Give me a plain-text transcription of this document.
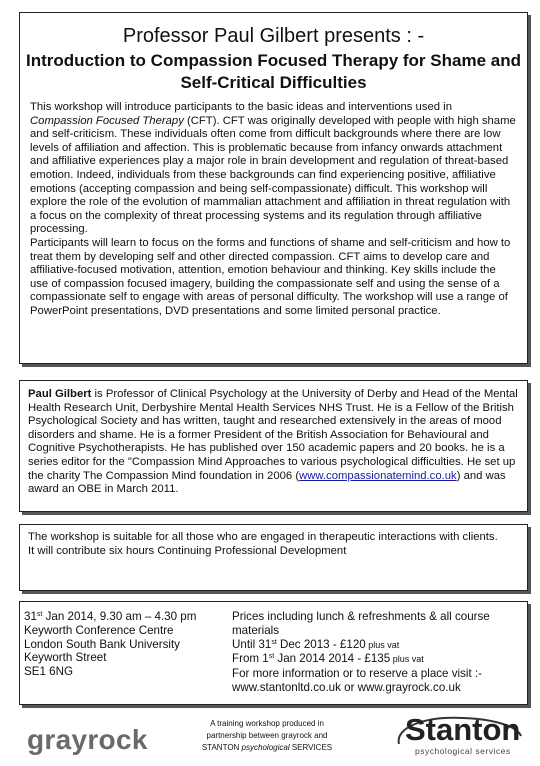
Professor Paul Gilbert presents : -
Introduction to Compassion Focused Therapy for Shame and Self-Critical Difficulties

This workshop will introduce participants to the basic ideas and interventions used in Compassion Focused Therapy (CFT). CFT was originally developed with people with high shame and self-criticism. These individuals often come from difficult backgrounds where there are low levels of affiliation and affection. This is problematic because from infancy onwards attachment and affiliative experiences play a major role in brain development and regulation of threat-based emotion. Indeed, individuals from these backgrounds can find experiencing positive, affiliative emotions (accepting compassion and being self-compassionate) difficult. This workshop will explore the role of the evolution of mammalian attachment and affiliation in threat regulation with a focus on the complexity of threat processing systems and its regulation through affiliative processing.

Participants will learn to focus on the forms and functions of shame and self-criticism and how to treat them by developing self and other directed compassion. CFT aims to develop care and affiliative-focused motivation, attention, emotion behaviour and thinking. Key skills include the use of compassion focused imagery, building the compassionate self and using the sense of a compassionate self to engage with areas of personal difficulty. The workshop will use a range of PowerPoint presentations, DVD presentations and some limited personal practice.

Paul Gilbert is Professor of Clinical Psychology at the University of Derby and Head of the Mental Health Research Unit, Derbyshire Mental Health Services NHS Trust. He is a Fellow of the British Psychological Society and has written, taught and researched extensively in the areas of mood disorders and shame. He is a former President of the British Association for Behavioural and Cognitive Psychotherapists. He has published over 150 academic papers and 20 books. he is a series editor for the "Compassion Mind Approaches to various psychological difficulties. He set up the charity The Compassion Mind foundation in 2006 (www.compassionatemind.co.uk) and was award an OBE in March 2011.

The workshop is suitable for all those who are engaged in therapeutic interactions with clients.

It will contribute six hours Continuing Professional Development

31st Jan 2014, 9.30 am – 4.30 pm
Keyworth Conference Centre
London South Bank University
Keyworth Street
SE1 6NG
Prices including lunch & refreshments & all course materials
Until 31st Dec 2013 - £120 plus vat
From 1st Jan 2014 2014 - £135 plus vat
For more information or to reserve a place visit :-
www.stantonltd.co.uk or www.grayrock.co.uk
grayrock
A training workshop produced in
partnership between grayrock and
STANTON psychological SERVICES
Stanton
psychological services
